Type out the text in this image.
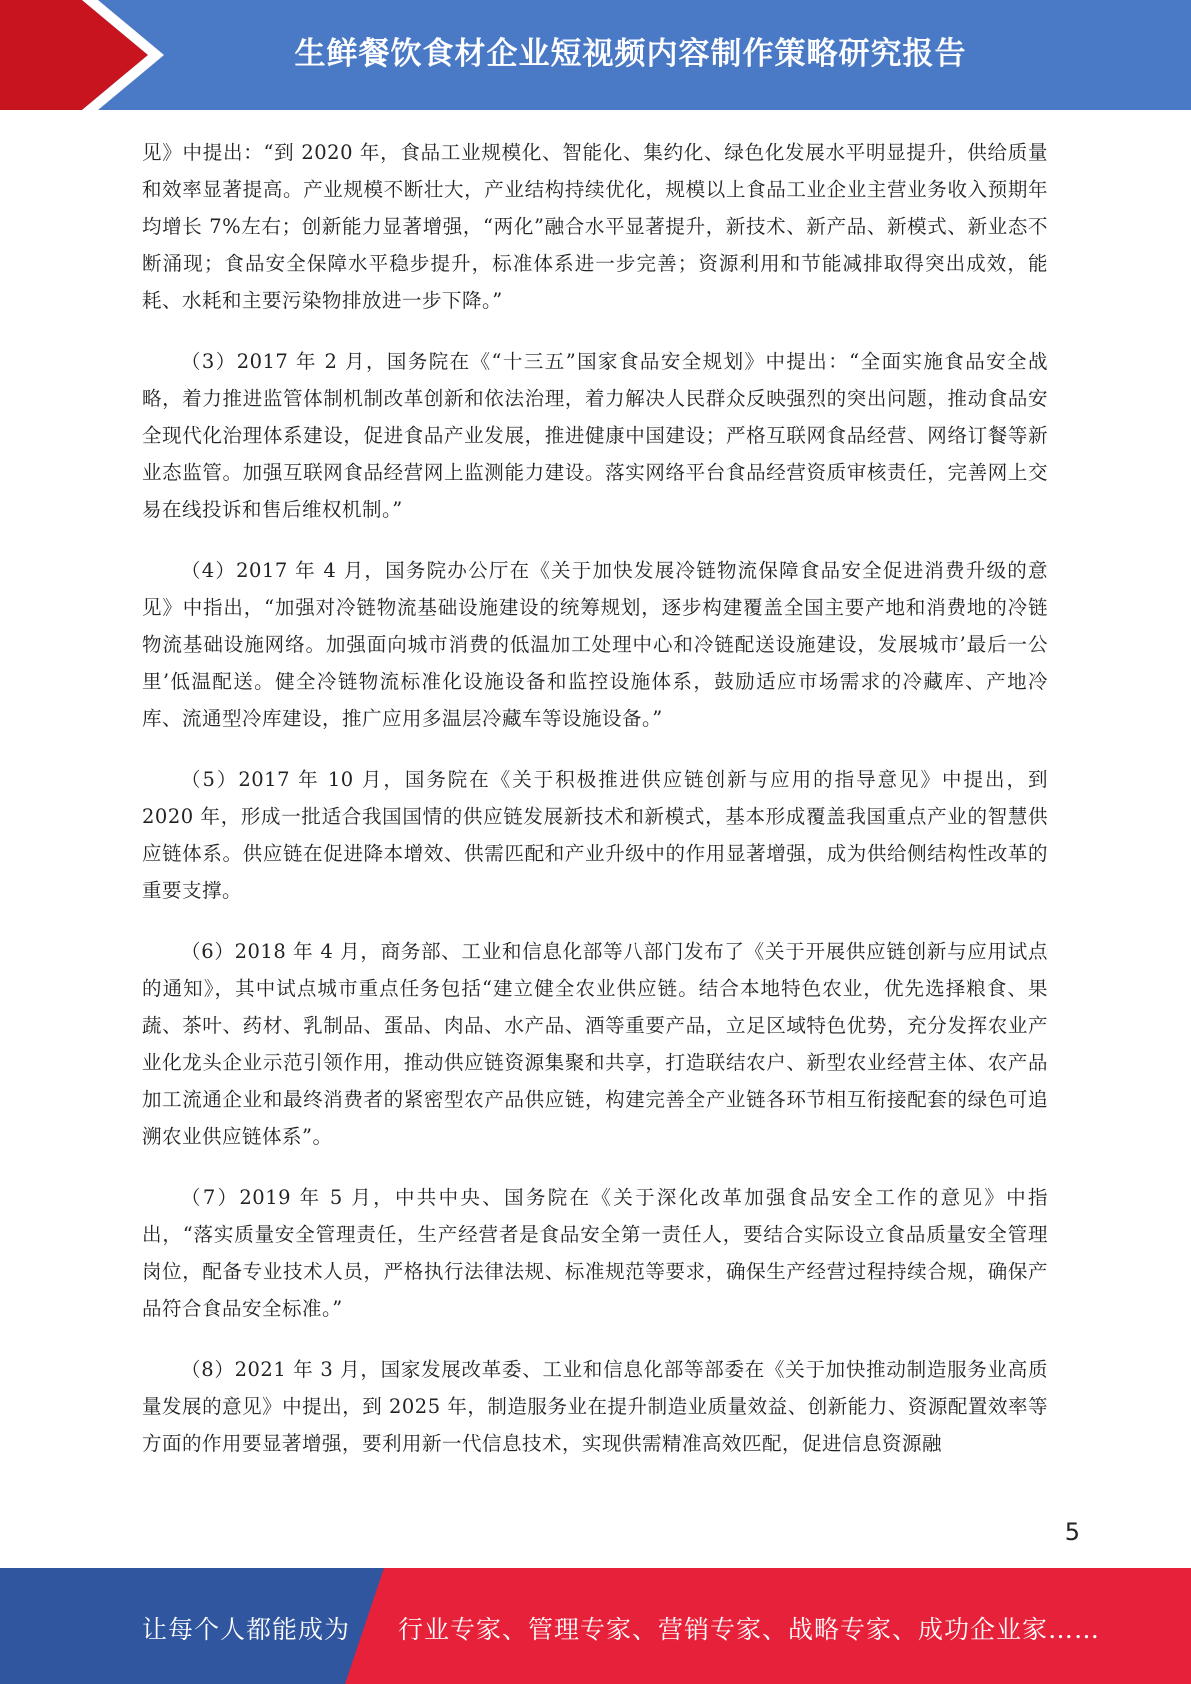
生鲜餐饮食材企业短视频内容制作策略研究报告

见》中提出：“到 2020 年，食品工业规模化、智能化、集约化、绿色化发展水平明显提升，供给质量和效率显著提高。产业规模不断壮大，产业结构持续优化，规模以上食品工业企业主营业务收入预期年均增长 7%左右；创新能力显著增强，“两化”融合水平显著提升，新技术、新产品、新模式、新业态不断涌现；食品安全保障水平稳步提升，标准体系进一步完善；资源利用和节能减排取得突出成效，能耗、水耗和主要污染物排放进一步下降。”

（3）2017 年 2 月，国务院在《“十三五”国家食品安全规划》中提出：“全面实施食品安全战略，着力推进监管体制机制改革创新和依法治理，着力解决人民群众反映强烈的突出问题，推动食品安全现代化治理体系建设，促进食品产业发展，推进健康中国建设；严格互联网食品经营、网络订餐等新业态监管。加强互联网食品经营网上监测能力建设。落实网络平台食品经营资质审核责任，完善网上交易在线投诉和售后维权机制。”

（4）2017 年 4 月，国务院办公厅在《关于加快发展冷链物流保障食品安全促进消费升级的意见》中指出，“加强对冷链物流基础设施建设的统筹规划，逐步构建覆盖全国主要产地和消费地的冷链物流基础设施网络。加强面向城市消费的低温加工处理中心和冷链配送设施建设，发展城市’最后一公里’低温配送。健全冷链物流标准化设施设备和监控设施体系，鼓励适应市场需求的冷藏库、产地冷库、流通型冷库建设，推广应用多温层冷藏车等设施设备。”

（5）2017 年 10 月，国务院在《关于积极推进供应链创新与应用的指导意见》中提出，到 2020 年，形成一批适合我国国情的供应链发展新技术和新模式，基本形成覆盖我国重点产业的智慧供应链体系。供应链在促进降本增效、供需匹配和产业升级中的作用显著增强，成为供给侧结构性改革的重要支撑。

（6）2018 年 4 月，商务部、工业和信息化部等八部门发布了《关于开展供应链创新与应用试点的通知》，其中试点城市重点任务包括“建立健全农业供应链。结合本地特色农业，优先选择粮食、果蔬、茶叶、药材、乳制品、蛋品、肉品、水产品、酒等重要产品，立足区域特色优势，充分发挥农业产业化龙头企业示范引领作用，推动供应链资源集聚和共享，打造联结农户、新型农业经营主体、农产品加工流通企业和最终消费者的紧密型农产品供应链，构建完善全产业链各环节相互衔接配套的绿色可追溯农业供应链体系”。

（7）2019 年 5 月，中共中央、国务院在《关于深化改革加强食品安全工作的意见》中指出，“落实质量安全管理责任，生产经营者是食品安全第一责任人，要结合实际设立食品质量安全管理岗位，配备专业技术人员，严格执行法律法规、标准规范等要求，确保生产经营过程持续合规，确保产品符合食品安全标准。”

（8）2021 年 3 月，国家发展改革委、工业和信息化部等部委在《关于加快推动制造服务业高质量发展的意见》中提出，到 2025 年，制造服务业在提升制造业质量效益、创新能力、资源配置效率等方面的作用要显著增强，要利用新一代信息技术，实现供需精准高效匹配，促进信息资源融

5
让每个人都能成为 行业专家、管理专家、营销专家、战略专家、成功企业家……
